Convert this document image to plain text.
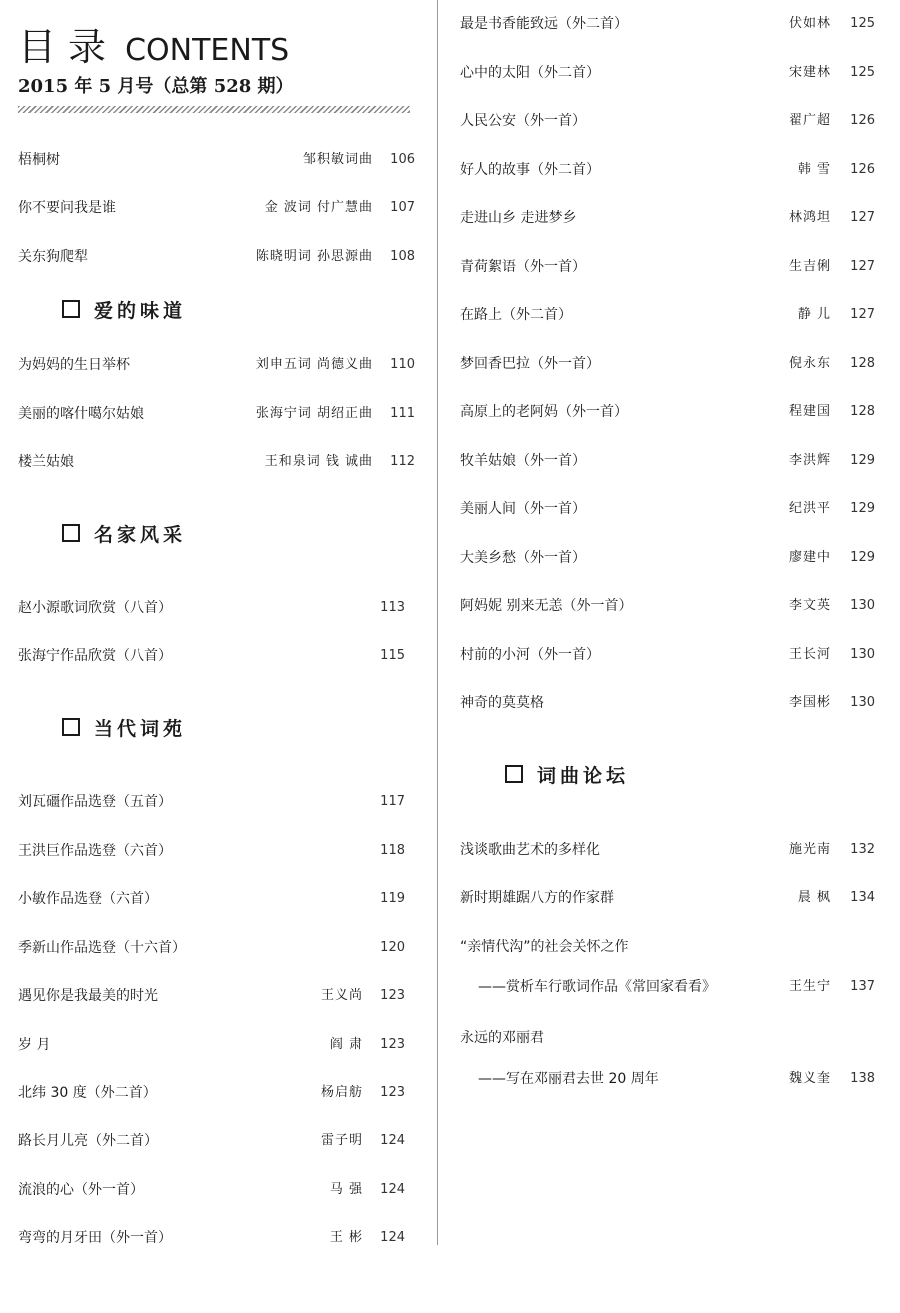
目录 CONTENTS
2015 年 5 月号（总第 528 期）
梧桐树	邹积敏词曲	106
你不要问我是谁	金 波词 付广慧曲	107
关东狗爬犁	陈晓明词 孙思源曲	108
爱的味道
为妈妈的生日举杯	刘申五词 尚德义曲	110
美丽的喀什噶尔姑娘	张海宁词 胡绍正曲	111
楼兰姑娘	王和泉词 钱 诚曲	112
名家风采
赵小源歌词欣赏（八首）	113
张海宁作品欣赏（八首）	115
当代词苑
刘瓦礓作品选登（五首）	117
王洪巨作品选登（六首）	118
小敏作品选登（六首）	119
季新山作品选登（十六首）	120
遇见你是我最美的时光	王义尚	123
岁 月	阎 肃	123
北纬 30 度（外二首）	杨启舫	123
路长月儿亮（外二首）	雷子明	124
流浪的心（外一首）	马 强	124
弯弯的月牙田（外一首）	王 彬	124
最是书香能致远（外二首）	伏如林	125
心中的太阳（外二首）	宋建林	125
人民公安（外一首）	翟广超	126
好人的故事（外二首）	韩 雪	126
走进山乡 走进梦乡	林鸿坦	127
青荷絮语（外一首）	生吉俐	127
在路上（外二首）	静 儿	127
梦回香巴拉（外一首）	倪永东	128
高原上的老阿妈（外一首）	程建国	128
牧羊姑娘（外一首）	李洪辉	129
美丽人间（外一首）	纪洪平	129
大美乡愁（外一首）	廖建中	129
阿妈妮 别来无恙（外一首）	李文英	130
村前的小河（外一首）	王长河	130
神奇的莫莫格	李国彬	130
词曲论坛
浅谈歌曲艺术的多样化	施光南	132
新时期雄踞八方的作家群	晨 枫	134
“亲情代沟”的社会关怀之作
——赏析车行歌词作品《常回家看看》	王生宁	137
永远的邓丽君
——写在邓丽君去世 20 周年	魏义奎	138
